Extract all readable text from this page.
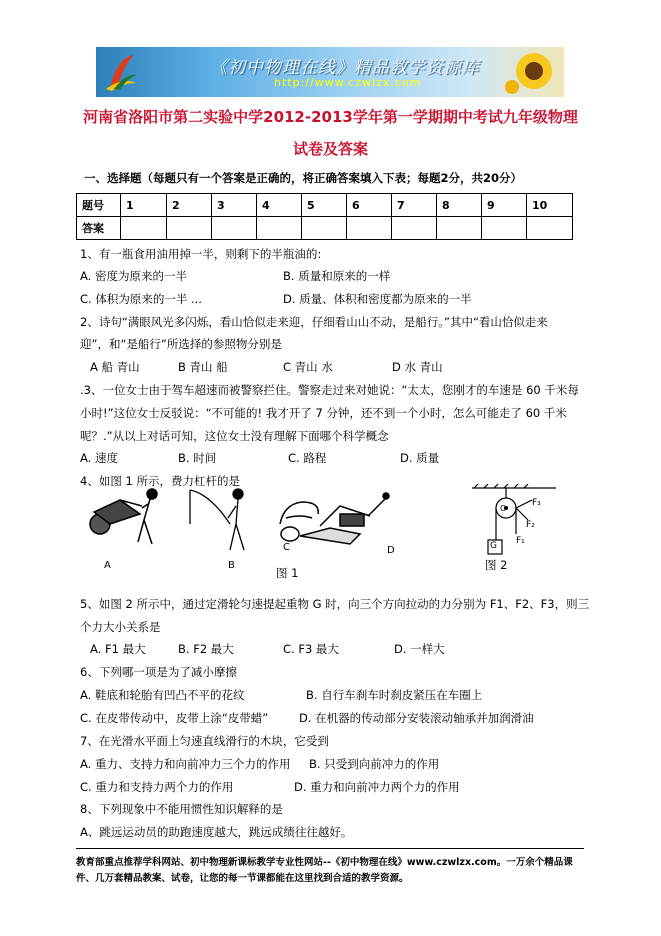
《初中物理在线》精品教学资源库
http://www.czwlzx.com
河南省洛阳市第二实验中学2012-2013学年第一学期期中考试九年级物理
试卷及答案
一、选择题（每题只有一个答案是正确的，将正确答案填入下表；每题2分，共20分）
题号	1	2	3	4	5	6	7	8	9	10
答案										
1、有一瓶食用油用掉一半，则剩下的半瓶油的:
A. 密度为原来的一半	B. 质量和原来的一样
C. 体积为原来的一半 ...	D. 质量、体积和密度都为原来的一半
2、诗句“满眼风光多闪烁，看山恰似走来迎，仔细看山山不动，是船行。”其中“看山恰似走来
迎”，和“是船行”所选择的参照物分别是
A 船 青山	B 青山 船	C 青山 水	D 水 青山
.3、一位女士由于驾车超速而被警察拦住。警察走过来对她说：“太太，您刚才的车速是 60 千米每
小时!”这位女士反驳说：“不可能的! 我才开了 7 分钟，还不到一个小时，怎么可能走了 60 千米
呢？.”从以上对话可知，这位女士没有理解下面哪个科学概念
A. 速度	B. 时间	C. 路程	D. 质量
4、如图 1 所示，费力杠杆的是
A	B
C	D
图 1
G
F₃
F₂
F₁
O
图 2
5、如图 2 所示中，通过定滑轮匀速提起重物 G 时，向三个方向拉动的力分别为 F1、F2、F3，则三
个力大小关系是
A. F1 最大	B. F2 最大	C. F3 最大	D. 一样大
6、下列哪一项是为了减小摩擦
A. 鞋底和轮胎有凹凸不平的花纹	B. 自行车刹车时刹皮紧压在车圈上
C. 在皮带传动中，皮带上涂“皮带蜡”	D. 在机器的传动部分安装滚动轴承并加润滑油
7、在光滑水平面上匀速直线滑行的木块，它受到
A. 重力、支持力和向前冲力三个力的作用 B. 只受到向前冲力的作用
C. 重力和支持力两个力的作用	D. 重力和向前冲力两个力的作用
8、下列现象中不能用惯性知识解释的是
A、跳远运动员的助跑速度越大，跳远成绩往往越好。
教育部重点推荐学科网站、初中物理新课标教学专业性网站--《初中物理在线》www.czwlzx.com。一万余个精品课
件、几万套精品教案、试卷，让您的每一节课都能在这里找到合适的教学资源。
